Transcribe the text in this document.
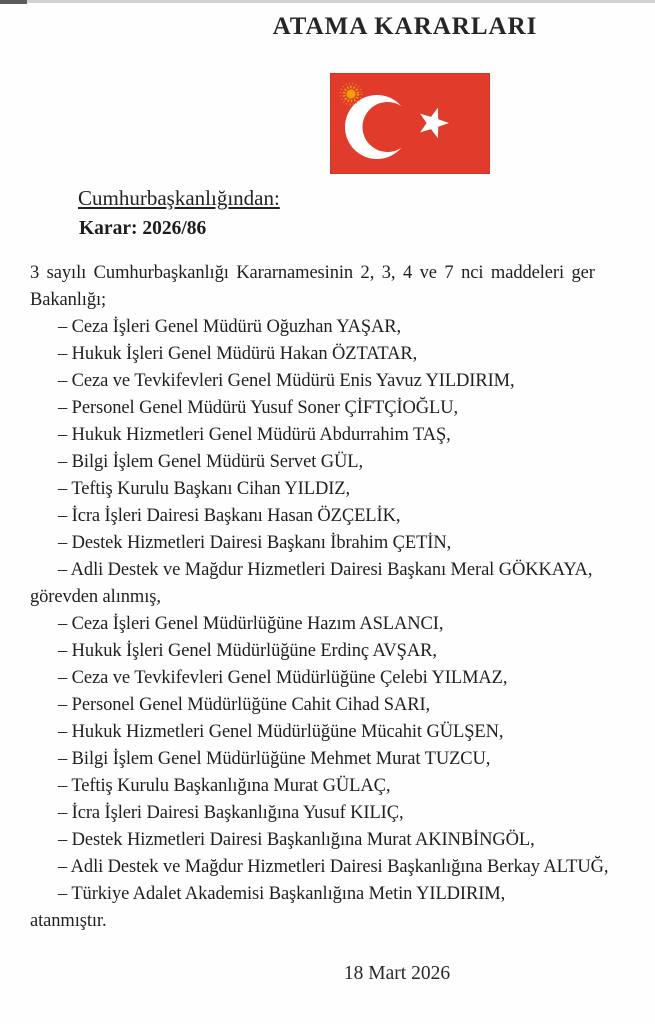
ATAMA KARARLARI
Cumhurbaşkanlığından:
Karar: 2026/86
3 sayılı Cumhurbaşkanlığı Kararnamesinin 2, 3, 4 ve 7 nci maddeleri ger
Bakanlığı;
– Ceza İşleri Genel Müdürü Oğuzhan YAŞAR,
– Hukuk İşleri Genel Müdürü Hakan ÖZTATAR,
– Ceza ve Tevkifevleri Genel Müdürü Enis Yavuz YILDIRIM,
– Personel Genel Müdürü Yusuf Soner ÇİFTÇİOĞLU,
– Hukuk Hizmetleri Genel Müdürü Abdurrahim TAŞ,
– Bilgi İşlem Genel Müdürü Servet GÜL,
– Teftiş Kurulu Başkanı Cihan YILDIZ,
– İcra İşleri Dairesi Başkanı Hasan ÖZÇELİK,
– Destek Hizmetleri Dairesi Başkanı İbrahim ÇETİN,
– Adli Destek ve Mağdur Hizmetleri Dairesi Başkanı Meral GÖKKAYA,
görevden alınmış,
– Ceza İşleri Genel Müdürlüğüne Hazım ASLANCI,
– Hukuk İşleri Genel Müdürlüğüne Erdinç AVŞAR,
– Ceza ve Tevkifevleri Genel Müdürlüğüne Çelebi YILMAZ,
– Personel Genel Müdürlüğüne Cahit Cihad SARI,
– Hukuk Hizmetleri Genel Müdürlüğüne Mücahit GÜLŞEN,
– Bilgi İşlem Genel Müdürlüğüne Mehmet Murat TUZCU,
– Teftiş Kurulu Başkanlığına Murat GÜLAÇ,
– İcra İşleri Dairesi Başkanlığına Yusuf KILIÇ,
– Destek Hizmetleri Dairesi Başkanlığına Murat AKINBİNGÖL,
– Adli Destek ve Mağdur Hizmetleri Dairesi Başkanlığına Berkay ALTUĞ,
– Türkiye Adalet Akademisi Başkanlığına Metin YILDIRIM,
atanmıştır.
18 Mart 2026
